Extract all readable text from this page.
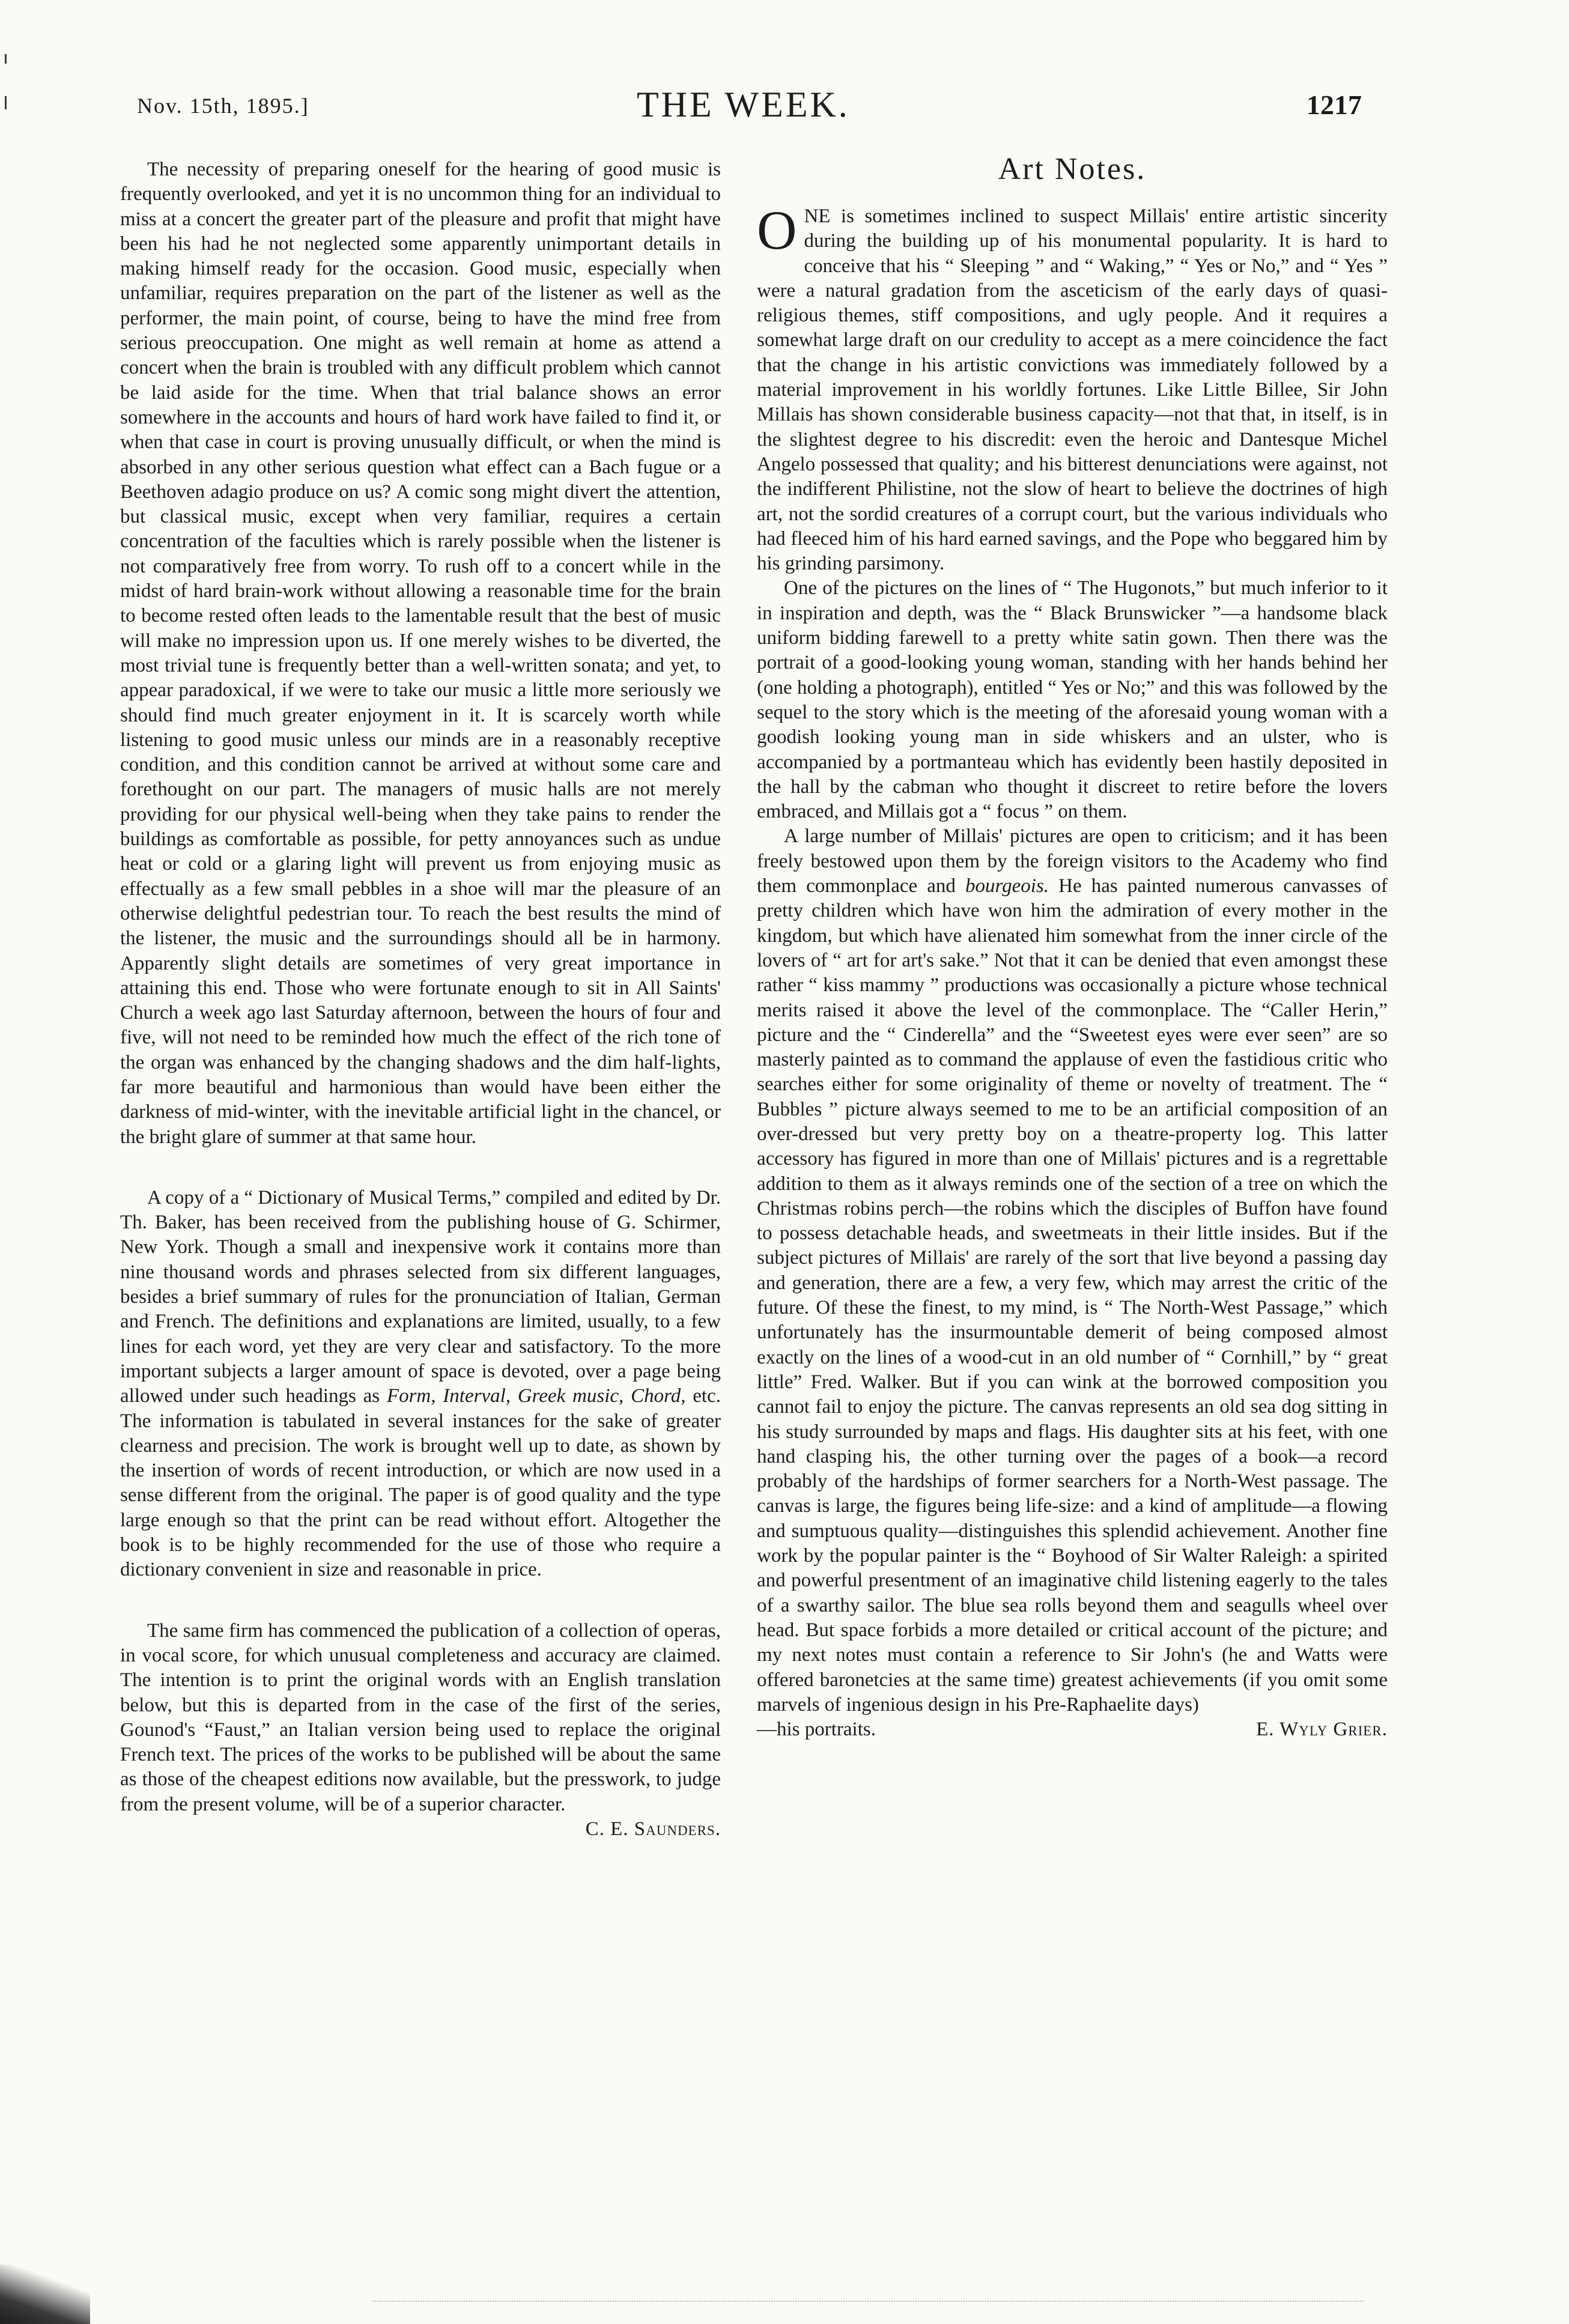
Nov. 15th, 1895.]	THE WEEK.	1217

The necessity of preparing oneself for the hearing of good music is frequently overlooked, and yet it is no uncommon thing for an individual to miss at a concert the greater part of the pleasure and profit that might have been his had he not neglected some apparently unimportant details in making himself ready for the occasion. Good music, especially when unfamiliar, requires preparation on the part of the listener as well as the performer, the main point, of course, being to have the mind free from serious preoccupation. One might as well remain at home as attend a concert when the brain is troubled with any difficult problem which cannot be laid aside for the time. When that trial balance shows an error somewhere in the accounts and hours of hard work have failed to find it, or when that case in court is proving unusually difficult, or when the mind is absorbed in any other serious question what effect can a Bach fugue or a Beethoven adagio produce on us? A comic song might divert the attention, but classical music, except when very familiar, requires a certain concentration of the faculties which is rarely possible when the listener is not comparatively free from worry. To rush off to a concert while in the midst of hard brain-work without allowing a reasonable time for the brain to become rested often leads to the lamentable result that the best of music will make no impression upon us. If one merely wishes to be diverted, the most trivial tune is frequently better than a well-written sonata; and yet, to appear paradoxical, if we were to take our music a little more seriously we should find much greater enjoyment in it. It is scarcely worth while listening to good music unless our minds are in a reasonably receptive condition, and this condition cannot be arrived at without some care and forethought on our part. The managers of music halls are not merely providing for our physical well-being when they take pains to render the buildings as comfortable as possible, for petty annoyances such as undue heat or cold or a glaring light will prevent us from enjoying music as effectually as a few small pebbles in a shoe will mar the pleasure of an otherwise delightful pedestrian tour. To reach the best results the mind of the listener, the music and the surroundings should all be in harmony. Apparently slight details are sometimes of very great importance in attaining this end. Those who were fortunate enough to sit in All Saints' Church a week ago last Saturday afternoon, between the hours of four and five, will not need to be reminded how much the effect of the rich tone of the organ was enhanced by the changing shadows and the dim half-lights, far more beautiful and harmonious than would have been either the darkness of mid-winter, with the inevitable artificial light in the chancel, or the bright glare of summer at that same hour.

A copy of a “ Dictionary of Musical Terms,” compiled and edited by Dr. Th. Baker, has been received from the publishing house of G. Schirmer, New York. Though a small and inexpensive work it contains more than nine thousand words and phrases selected from six different languages, besides a brief summary of rules for the pronunciation of Italian, German and French. The definitions and explanations are limited, usually, to a few lines for each word, yet they are very clear and satisfactory. To the more important subjects a larger amount of space is devoted, over a page being allowed under such headings as Form, Interval, Greek music, Chord, etc. The information is tabulated in several instances for the sake of greater clearness and precision. The work is brought well up to date, as shown by the insertion of words of recent introduction, or which are now used in a sense different from the original. The paper is of good quality and the type large enough so that the print can be read without effort. Altogether the book is to be highly recommended for the use of those who require a dictionary convenient in size and reasonable in price.

The same firm has commenced the publication of a collection of operas, in vocal score, for which unusual completeness and accuracy are claimed. The intention is to print the original words with an English translation below, but this is departed from in the case of the first of the series, Gounod's “Faust,” an Italian version being used to replace the original French text. The prices of the works to be published will be about the same as those of the cheapest editions now available, but the presswork, to judge from the present volume, will be of a superior character.

C. E. Saunders.

Art Notes.

ONE is sometimes inclined to suspect Millais' entire artistic sincerity during the building up of his monumental popularity. It is hard to conceive that his “ Sleeping ” and “ Waking,” “ Yes or No,” and “ Yes ” were a natural gradation from the asceticism of the early days of quasi-religious themes, stiff compositions, and ugly people. And it requires a somewhat large draft on our credulity to accept as a mere coincidence the fact that the change in his artistic convictions was immediately followed by a material improvement in his worldly fortunes. Like Little Billee, Sir John Millais has shown considerable business capacity—not that that, in itself, is in the slightest degree to his discredit: even the heroic and Dantesque Michel Angelo possessed that quality; and his bitterest denunciations were against, not the indifferent Philistine, not the slow of heart to believe the doctrines of high art, not the sordid creatures of a corrupt court, but the various individuals who had fleeced him of his hard earned savings, and the Pope who beggared him by his grinding parsimony.

One of the pictures on the lines of “ The Hugonots,” but much inferior to it in inspiration and depth, was the “ Black Brunswicker ”—a handsome black uniform bidding farewell to a pretty white satin gown. Then there was the portrait of a good-looking young woman, standing with her hands behind her (one holding a photograph), entitled “ Yes or No;” and this was followed by the sequel to the story which is the meeting of the aforesaid young woman with a goodish looking young man in side whiskers and an ulster, who is accompanied by a portmanteau which has evidently been hastily deposited in the hall by the cabman who thought it discreet to retire before the lovers embraced, and Millais got a “ focus ” on them.

A large number of Millais' pictures are open to criticism; and it has been freely bestowed upon them by the foreign visitors to the Academy who find them commonplace and bourgeois. He has painted numerous canvasses of pretty children which have won him the admiration of every mother in the kingdom, but which have alienated him somewhat from the inner circle of the lovers of “ art for art's sake.” Not that it can be denied that even amongst these rather “ kiss mammy ” productions was occasionally a picture whose technical merits raised it above the level of the commonplace. The “Caller Herin,” picture and the “ Cinderella” and the “Sweetest eyes were ever seen” are so masterly painted as to command the applause of even the fastidious critic who searches either for some originality of theme or novelty of treatment. The “ Bubbles ” picture always seemed to me to be an artificial composition of an over-dressed but very pretty boy on a theatre-property log. This latter accessory has figured in more than one of Millais' pictures and is a regrettable addition to them as it always reminds one of the section of a tree on which the Christmas robins perch—the robins which the disciples of Buffon have found to possess detachable heads, and sweetmeats in their little insides. But if the subject pictures of Millais' are rarely of the sort that live beyond a passing day and generation, there are a few, a very few, which may arrest the critic of the future. Of these the finest, to my mind, is “ The North-West Passage,” which unfortunately has the insurmountable demerit of being composed almost exactly on the lines of a wood-cut in an old number of “ Cornhill,” by “ great little” Fred. Walker. But if you can wink at the borrowed composition you cannot fail to enjoy the picture. The canvas represents an old sea dog sitting in his study surrounded by maps and flags. His daughter sits at his feet, with one hand clasping his, the other turning over the pages of a book—a record probably of the hardships of former searchers for a North-West passage. The canvas is large, the figures being life-size: and a kind of amplitude—a flowing and sumptuous quality—distinguishes this splendid achievement. Another fine work by the popular painter is the “ Boyhood of Sir Walter Raleigh: a spirited and powerful presentment of an imaginative child listening eagerly to the tales of a swarthy sailor. The blue sea rolls beyond them and seagulls wheel over head. But space forbids a more detailed or critical account of the picture; and my next notes must contain a reference to Sir John's (he and Watts were offered baronetcies at the same time) greatest achievements (if you omit some marvels of ingenious design in his Pre-Raphaelite days)

—his portraits.	E. Wyly Grier.
